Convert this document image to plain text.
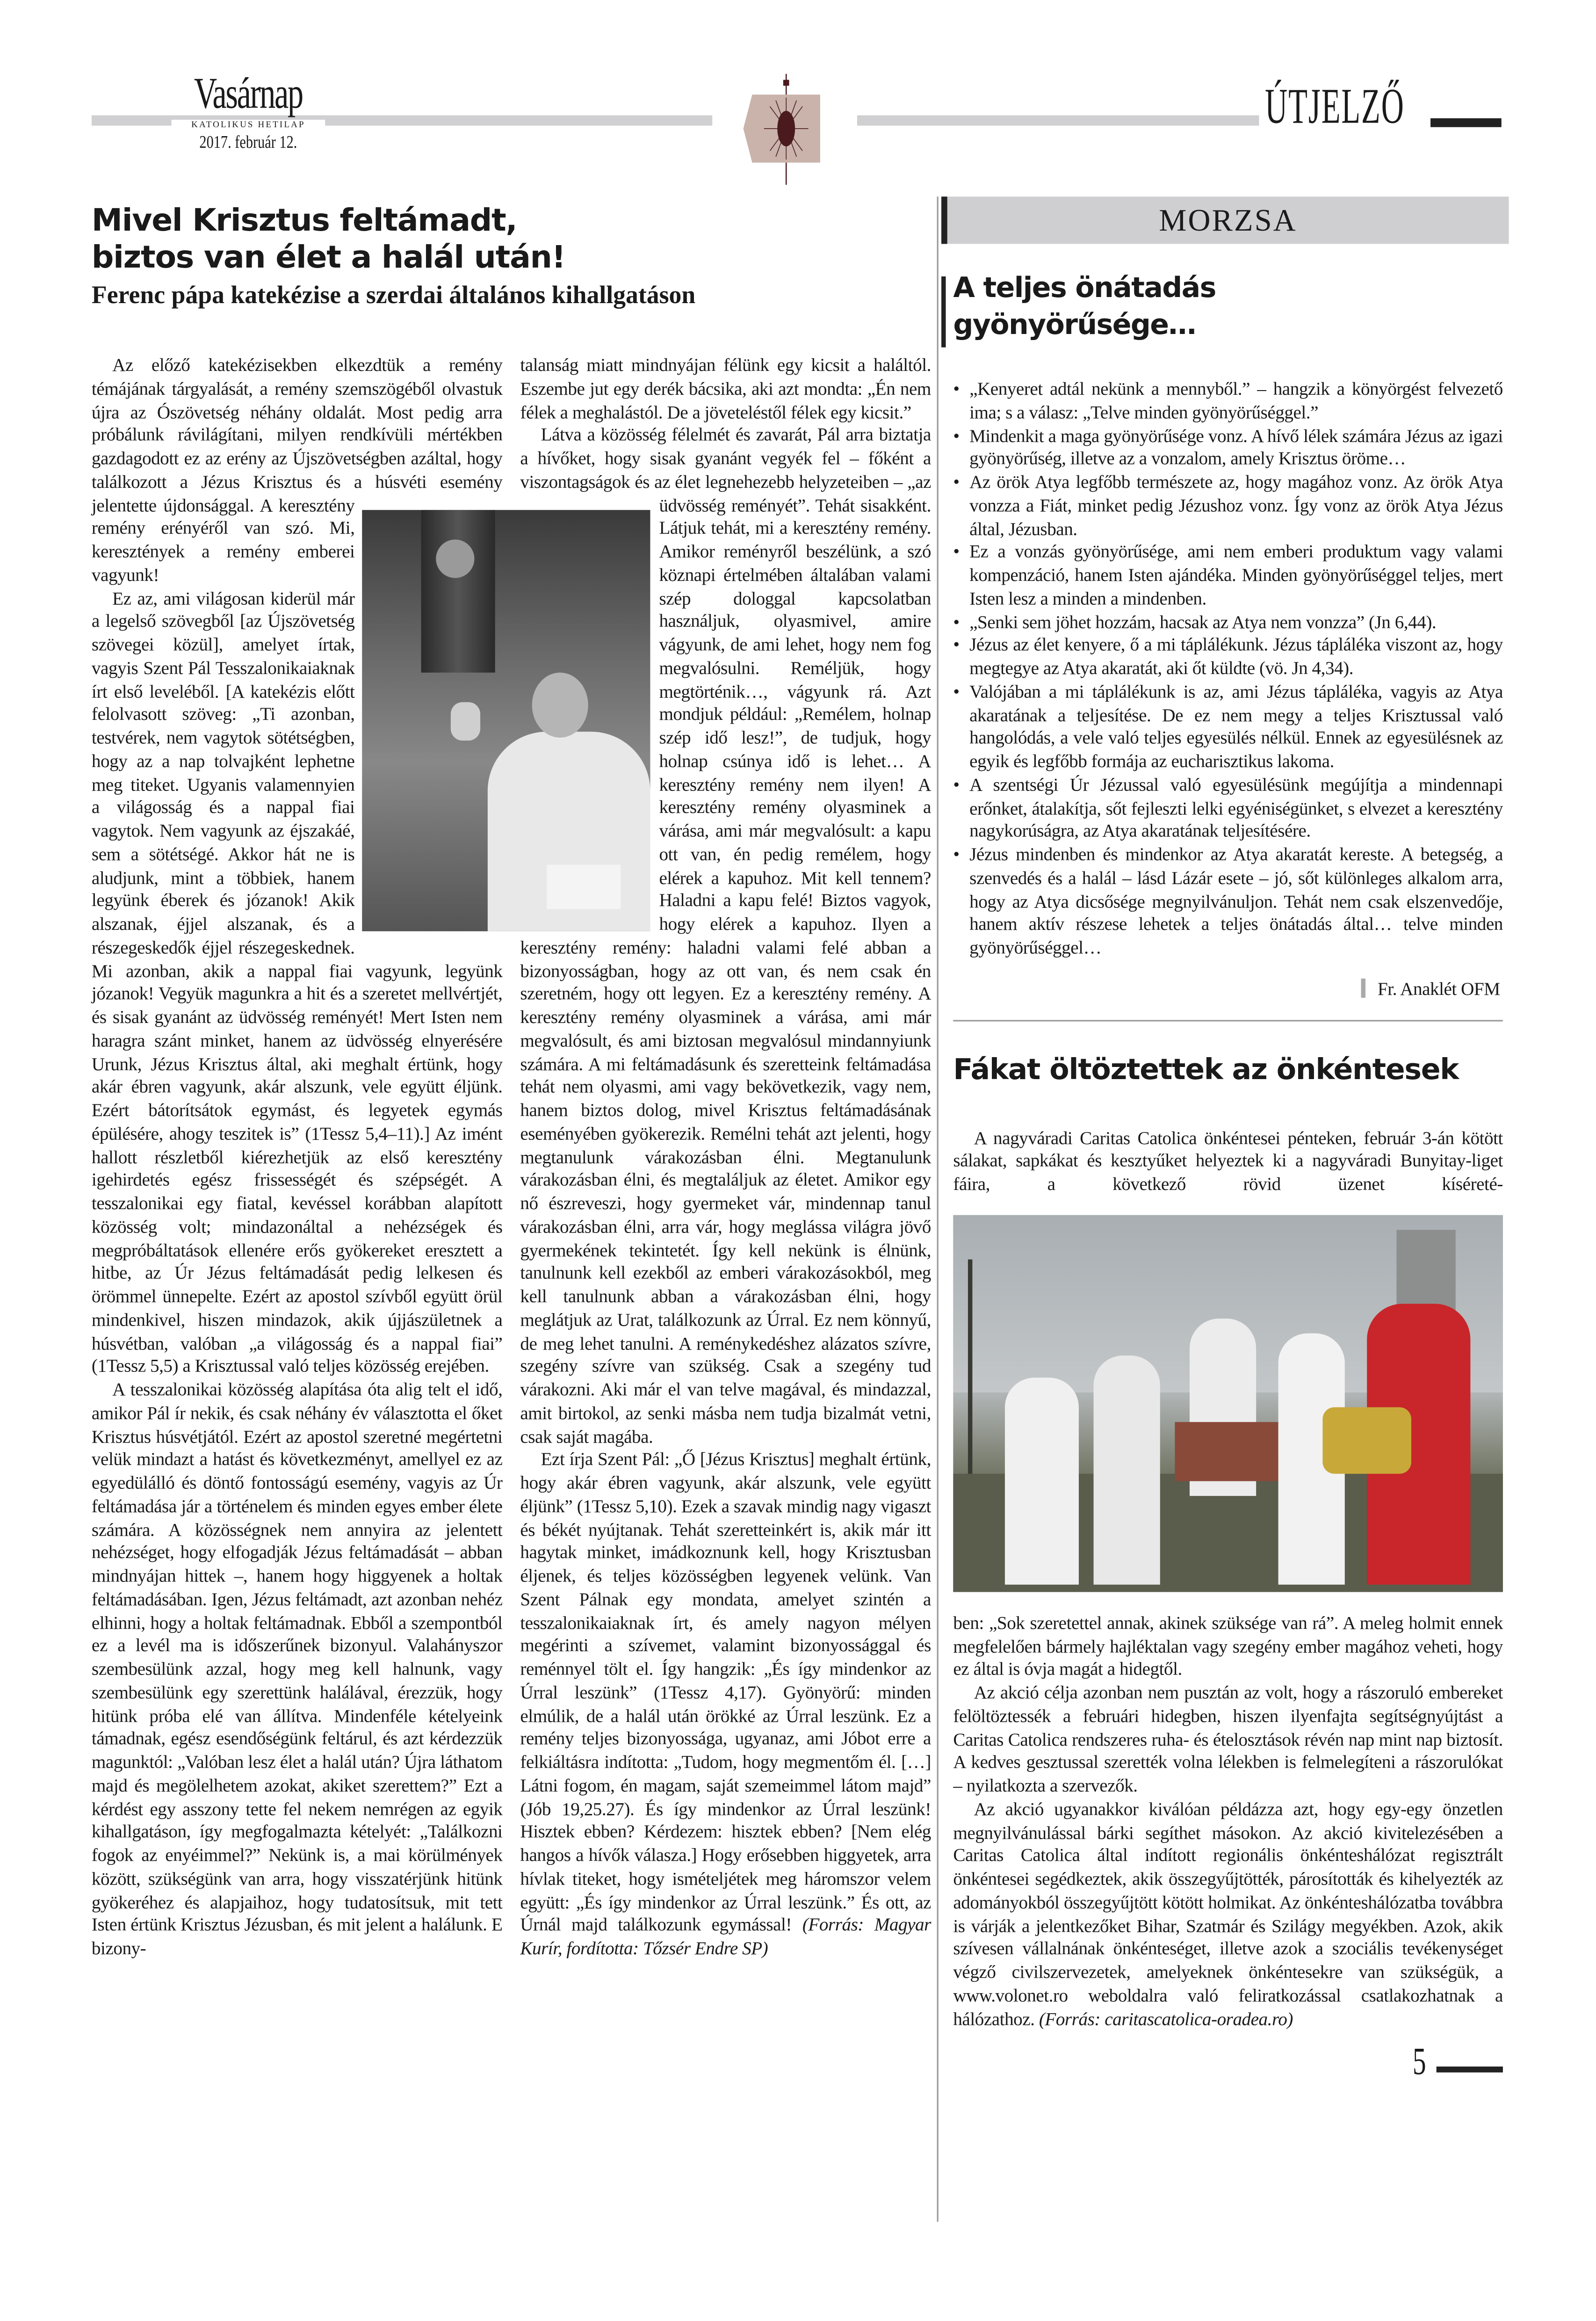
Vasárnap
KATOLIKUS HETILAP
2017. február 12.
ÚTJELZŐ
Mivel Krisztus feltámadt,
biztos van élet a halál után!
Ferenc pápa katekézise a szerdai általános kihallgatáson

Az előző katekézisekben elkezdtük a remény témájának tárgyalását, a remény szemszögéből olvastuk újra az Ószövetség néhány oldalát. Most pedig arra próbálunk rávilágítani, milyen rendkívüli mértékben gazdagodott ez az erény az Újszövetségben azáltal, hogy találkozott a Jézus Krisztus és a húsvéti esemény jelentette újdonsággal. A keresztény remény erényéről van szó. Mi, keresztények a remény emberei vagyunk!

Ez az, ami világosan kiderül már a legelső szövegből [az Újszövetség szövegei közül], amelyet írtak, vagyis Szent Pál Tesszalonikaiaknak írt első leveléből. [A katekézis előtt felolvasott szöveg: „Ti azonban, testvérek, nem vagytok sötétségben, hogy az a nap tolvajként lephetne meg titeket. Ugyanis valamennyien a világosság és a nappal fiai vagytok. Nem vagyunk az éjszakáé, sem a sötétségé. Akkor hát ne is aludjunk, mint a többiek, hanem legyünk éberek és józanok! Akik alszanak, éjjel alszanak, és a részegeskedők éjjel részegeskednek. Mi azonban, akik a nappal fiai vagyunk, legyünk józanok! Vegyük magunkra a hit és a szeretet mellvértjét, és sisak gyanánt az üdvösség reményét! Mert Isten nem haragra szánt minket, hanem az üdvösség elnyerésére Urunk, Jézus Krisztus által, aki meghalt értünk, hogy akár ébren vagyunk, akár alszunk, vele együtt éljünk. Ezért bátorítsátok egymást, és legyetek egymás épülésére, ahogy teszitek is” (1Tessz 5,4–11).] Az imént hallott részletből kiérezhetjük az első keresztény igehirdetés egész frissességét és szépségét. A tesszalonikai egy fiatal, kevéssel korábban alapított közösség volt; mindazonáltal a nehézségek és megpróbáltatások ellenére erős gyökereket eresztett a hitbe, az Úr Jézus feltámadását pedig lelkesen és örömmel ünnepelte. Ezért az apostol szívből együtt örül mindenkivel, hiszen mindazok, akik újjászületnek a húsvétban, valóban „a világosság és a nappal fiai” (1Tessz 5,5) a Krisztussal való teljes közösség erejében.

A tesszalonikai közösség alapítása óta alig telt el idő, amikor Pál ír nekik, és csak néhány év választotta el őket Krisztus húsvétjától. Ezért az apostol szeretné megértetni velük mindazt a hatást és következményt, amellyel ez az egyedülálló és döntő fontosságú esemény, vagyis az Úr feltámadása jár a történelem és minden egyes ember élete számára. A közösségnek nem annyira az jelentett nehézséget, hogy elfogadják Jézus feltámadását – abban mindnyájan hittek –, hanem hogy higgyenek a holtak feltámadásában. Igen, Jézus feltámadt, azt azonban nehéz elhinni, hogy a holtak feltámadnak. Ebből a szempontból ez a levél ma is időszerűnek bizonyul. Valahányszor szembesülünk azzal, hogy meg kell halnunk, vagy szembesülünk egy szerettünk halálával, érezzük, hogy hitünk próba elé van állítva. Mindenféle kételyeink támadnak, egész esendőségünk feltárul, és azt kérdezzük magunktól: „Valóban lesz élet a halál után? Újra láthatom majd és megölelhetem azokat, akiket szerettem?” Ezt a kérdést egy asszony tette fel nekem nemrégen az egyik kihallgatáson, így megfogalmazta kételyét: „Találkozni fogok az enyéimmel?” Nekünk is, a mai körülmények között, szükségünk van arra, hogy visszatérjünk hitünk gyökeréhez és alapjaihoz, hogy tudatosítsuk, mit tett Isten értünk Krisztus Jézusban, és mit jelent a halálunk. E bizony-

talanság miatt mindnyájan félünk egy kicsit a haláltól. Eszembe jut egy derék bácsika, aki azt mondta: „Én nem félek a meghalástól. De a jöveteléstől félek egy kicsit.”

Látva a közösség félelmét és zavarát, Pál arra biztatja a hívőket, hogy sisak gyanánt vegyék fel – főként a viszontagságok és az élet legnehezebb helyzeteiben – „az üdvösség reményét”. Tehát sisakként. Látjuk tehát, mi a keresztény remény. Amikor reményről beszélünk, a szó köznapi értelmében általában valami szép dologgal kapcsolatban használjuk, olyasmivel, amire vágyunk, de ami lehet, hogy nem fog megvalósulni. Reméljük, hogy megtörténik…, vágyunk rá. Azt mondjuk például: „Remélem, holnap szép idő lesz!”, de tudjuk, hogy holnap csúnya idő is lehet… A keresztény remény nem ilyen! A keresztény remény olyasminek a várása, ami már megvalósult: a kapu ott van, én pedig remélem, hogy elérek a kapuhoz. Mit kell tennem? Haladni a kapu felé! Biztos vagyok, hogy elérek a kapuhoz. Ilyen a keresztény remény: haladni valami felé abban a bizonyosságban, hogy az ott van, és nem csak én szeretném, hogy ott legyen. Ez a keresztény remény. A keresztény remény olyasminek a várása, ami már megvalósult, és ami biztosan megvalósul mindannyiunk számára. A mi feltámadásunk és szeretteink feltámadása tehát nem olyasmi, ami vagy bekövetkezik, vagy nem, hanem biztos dolog, mivel Krisztus feltámadásának eseményében gyökerezik. Remélni tehát azt jelenti, hogy megtanulunk várakozásban élni. Megtanulunk várakozásban élni, és megtaláljuk az életet. Amikor egy nő észreveszi, hogy gyermeket vár, mindennap tanul várakozásban élni, arra vár, hogy meglássa világra jövő gyermekének tekintetét. Így kell nekünk is élnünk, tanulnunk kell ezekből az emberi várakozásokból, meg kell tanulnunk abban a várakozásban élni, hogy meglátjuk az Urat, találkozunk az Úrral. Ez nem könnyű, de meg lehet tanulni. A reménykedéshez alázatos szívre, szegény szívre van szükség. Csak a szegény tud várakozni. Aki már el van telve magával, és mindazzal, amit birtokol, az senki másba nem tudja bizalmát vetni, csak saját magába.

Ezt írja Szent Pál: „Ő [Jézus Krisztus] meghalt értünk, hogy akár ébren vagyunk, akár alszunk, vele együtt éljünk” (1Tessz 5,10). Ezek a szavak mindig nagy vigaszt és békét nyújtanak. Tehát szeretteinkért is, akik már itt hagytak minket, imádkoznunk kell, hogy Krisztusban éljenek, és teljes közösségben legyenek velünk. Van Szent Pálnak egy mondata, amelyet szintén a tesszalonikaiaknak írt, és amely nagyon mélyen megérinti a szívemet, valamint bizonyossággal és reménnyel tölt el. Így hangzik: „És így mindenkor az Úrral leszünk” (1Tessz 4,17). Gyönyörű: minden elmúlik, de a halál után örökké az Úrral leszünk. Ez a remény teljes bizonyossága, ugyanaz, ami Jóbot erre a felkiáltásra indította: „Tudom, hogy megmentőm él. […] Látni fogom, én magam, saját szemeimmel látom majd” (Jób 19,25.27). És így mindenkor az Úrral leszünk! Hisztek ebben? Kérdezem: hisztek ebben? [Nem elég hangos a hívők válasza.] Hogy erősebben higgyetek, arra hívlak titeket, hogy ismételjétek meg háromszor velem együtt: „És így mindenkor az Úrral leszünk.” És ott, az Úrnál majd találkozunk egymással! (Forrás: Magyar Kurír, fordította: Tőzsér Endre SP)

MORZSA
A teljes önátadás
gyönyörűsége…
• „Kenyeret adtál nekünk a mennyből.” – hangzik a könyörgést felvezető ima; s a válasz: „Telve minden gyönyörűséggel.”
• Mindenkit a maga gyönyörűsége vonz. A hívő lélek számára Jézus az igazi gyönyörűség, illetve az a vonzalom, amely Krisztus öröme…
• Az örök Atya legfőbb természete az, hogy magához vonz. Az örök Atya vonzza a Fiát, minket pedig Jézushoz vonz. Így vonz az örök Atya Jézus által, Jézusban.
• Ez a vonzás gyönyörűsége, ami nem emberi produktum vagy valami kompenzáció, hanem Isten ajándéka. Minden gyönyörűséggel teljes, mert Isten lesz a minden a mindenben.
• „Senki sem jöhet hozzám, hacsak az Atya nem vonzza” (Jn 6,44).
• Jézus az élet kenyere, ő a mi táplálékunk. Jézus tápláléka viszont az, hogy megtegye az Atya akaratát, aki őt küldte (vö. Jn 4,34).
• Valójában a mi táplálékunk is az, ami Jézus tápláléka, vagyis az Atya akaratának a teljesítése. De ez nem megy a teljes Krisztussal való hangolódás, a vele való teljes egyesülés nélkül. Ennek az egyesülésnek az egyik és legfőbb formája az eucharisztikus lakoma.
• A szentségi Úr Jézussal való egyesülésünk megújítja a mindennapi erőnket, átalakítja, sőt fejleszti lelki egyéniségünket, s elvezet a keresztény nagykorúságra, az Atya akaratának teljesítésére.
• Jézus mindenben és mindenkor az Atya akaratát kereste. A betegség, a szenvedés és a halál – lásd Lázár esete – jó, sőt különleges alkalom arra, hogy az Atya dicsősége megnyilvánuljon. Tehát nem csak elszenvedője, hanem aktív részese lehetek a teljes önátadás által… telve minden gyönyörűséggel…
Fr. Anaklét OFM
Fákat öltöztettek az önkéntesek

A nagyváradi Caritas Catolica önkéntesei pénteken, február 3-án kötött sálakat, sapkákat és kesztyűket helyeztek ki a nagyváradi Bunyitay-liget fáira, a következő rövid üzenet kíséreté-

ben: „Sok szeretettel annak, akinek szüksége van rá”. A meleg holmit ennek megfelelően bármely hajléktalan vagy szegény ember magához veheti, hogy ez által is óvja magát a hidegtől.

Az akció célja azonban nem pusztán az volt, hogy a rászoruló embereket felöltöztessék a februári hidegben, hiszen ilyenfajta segítségnyújtást a Caritas Catolica rendszeres ruha- és ételosztások révén nap mint nap biztosít. A kedves gesztussal szerették volna lélekben is felmelegíteni a rászorulókat – nyilatkozta a szervezők.

Az akció ugyanakkor kiválóan példázza azt, hogy egy-egy önzetlen megnyilvánulással bárki segíthet másokon. Az akció kivitelezésében a Caritas Catolica által indított regionális önkénteshálózat regisztrált önkéntesei segédkeztek, akik összegyűjtötték, párosították és kihelyezték az adományokból összegyűjtött kötött holmikat. Az önkénteshálózatba továbbra is várják a jelentkezőket Bihar, Szatmár és Szilágy megyékben. Azok, akik szívesen vállalnának önkénteséget, illetve azok a szociális tevékenységet végző civilszervezetek, amelyeknek önkéntesekre van szükségük, a www.volonet.ro weboldalra való feliratkozással csatlakozhatnak a hálózathoz. (Forrás: caritascatolica-oradea.ro)

5
